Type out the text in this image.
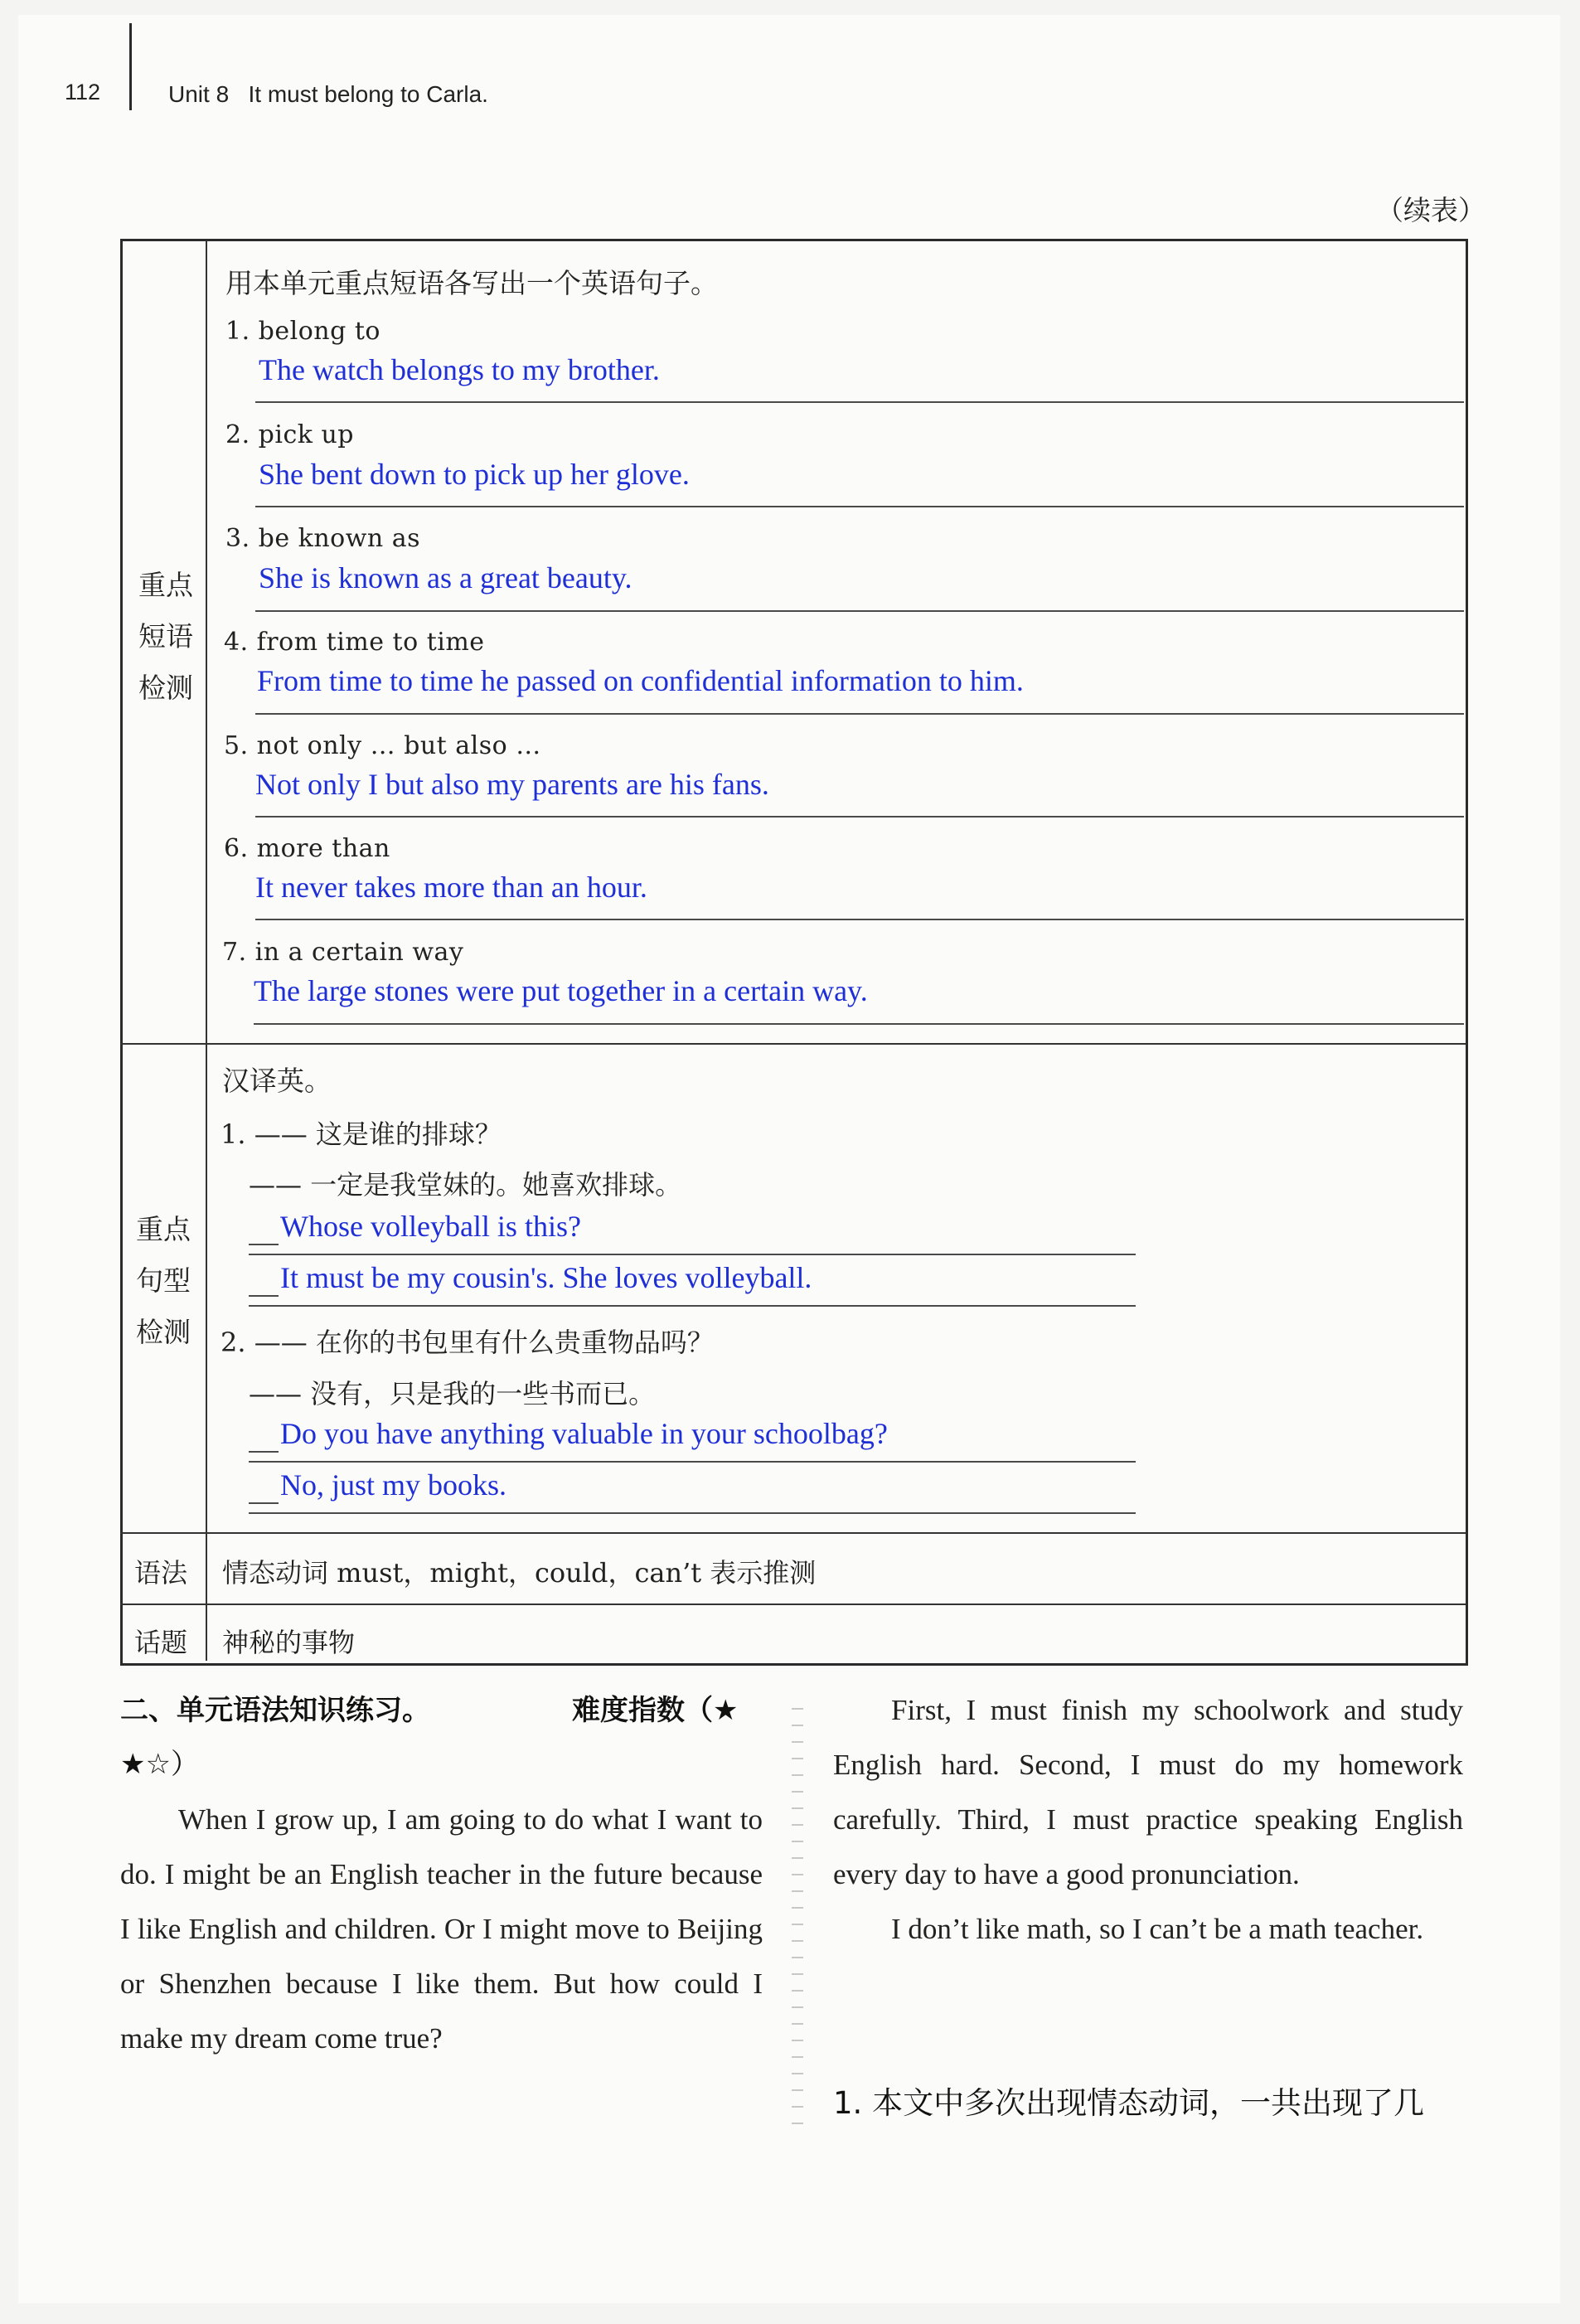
112	Unit 8   It must belong to Carla.
（续表）
重点
短语
检测
用本单元重点短语各写出一个英语句子。
1. belong to
The watch belongs to my brother.
2. pick up
She bent down to pick up her glove.
3. be known as
She is known as a great beauty.
4. from time to time
From time to time he passed on confidential information to him.
5. not only … but also …
Not only I but also my parents are his fans.
6. more than
It never takes more than an hour.
7. in a certain way
The large stones were put together in a certain way.
重点
句型
检测
汉译英。
1. —— 这是谁的排球？
—— 一定是我堂妹的。她喜欢排球。
Whose volleyball is this?
It must be my cousin's. She loves volleyball.
2. —— 在你的书包里有什么贵重物品吗？
—— 没有，只是我的一些书而已。
Do you have anything valuable in your schoolbag?
No, just my books.
语法 情态动词 must，might，could，can’t 表示推测
话题 神秘的事物
二、单元语法知识练习。	难度指数（★
★☆）

When I grow up, I am going to do what I want to do. I might be an English teacher in the future because I like English and children. Or I might move to Beijing or Shenzhen because I like them. But how could I make my dream come true?

First, I must finish my schoolwork and study English hard. Second, I must do my homework carefully. Third, I must practice speaking English every day to have a good pronunciation.

I don’t like math, so I can’t be a math teacher.

1. 本文中多次出现情态动词，一共出现了几
